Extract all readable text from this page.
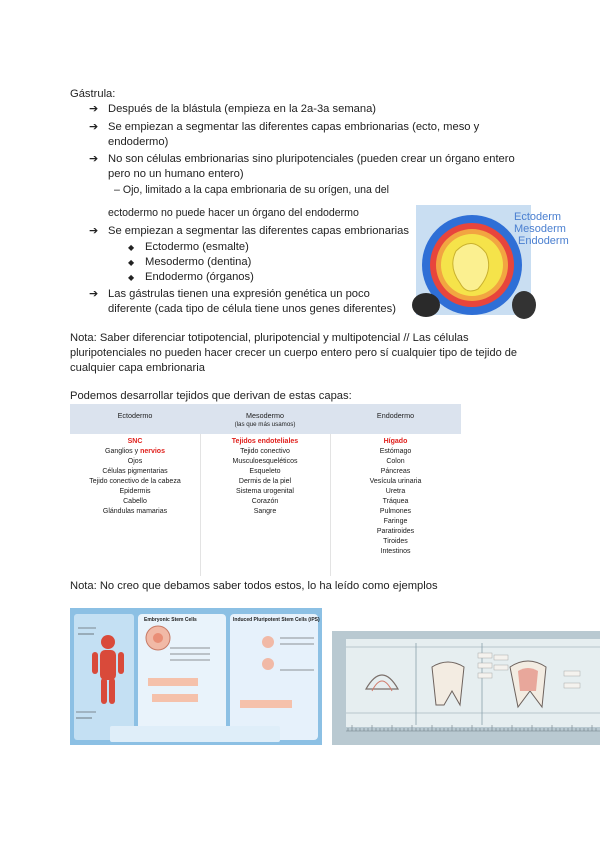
Gástrula:
➔ Después de la blástula (empieza en la 2a-3a semana)
➔ Se empiezan a segmentar las diferentes capas embrionarias (ecto, meso y
endodermo)
➔ No son células embrionarias sino pluripotenciales (pueden crear un órgano entero
pero no un humano entero)
– Ojo, limitado a la capa embrionaria de su orígen, una del
ectodermo no puede hacer un órgano del endodermo
➔ Se empiezan a segmentar las diferentes capas embrionarias
◆ Ectodermo (esmalte)
◆ Mesodermo (dentina)
◆ Endodermo (órganos)
➔ Las gástrulas tienen una expresión genética un poco
diferente (cada tipo de célula tiene unos genes diferentes)
Nota: Saber diferenciar totipotencial, pluripotencial y multipotencial // Las células
pluripotenciales no pueden hacer crecer un cuerpo entero pero sí cualquier tipo de tejido de
cualquier capa embrionaria
Podemos desarrollar tejidos que derivan de estas capas:
Ectoderm
Mesoderm
Endoderm
Ectodermo	Mesodermo
(las que más usamos)
Endodermo
SNC
Ganglios y nervios
Ojos
Células pigmentarias
Tejido conectivo de la cabeza
Epidermis
Cabello
Glándulas mamarias
Tejidos endoteliales
Tejido conectivo
Musculoesqueléticos
Esqueleto
Dermis de la piel
Sistema urogenital
Corazón
Sangre
Hígado
Estómago
Colon
Páncreas
Vesícula urinaria
Uretra
Tráquea
Pulmones
Faringe
Paratiroides
Tiroides
Intestinos
Nota: No creo que debamos saber todos estos, lo ha leído como ejemplos
Embryonic Stem Cells	Induced Pluripotent Stem Cells (iPS)
